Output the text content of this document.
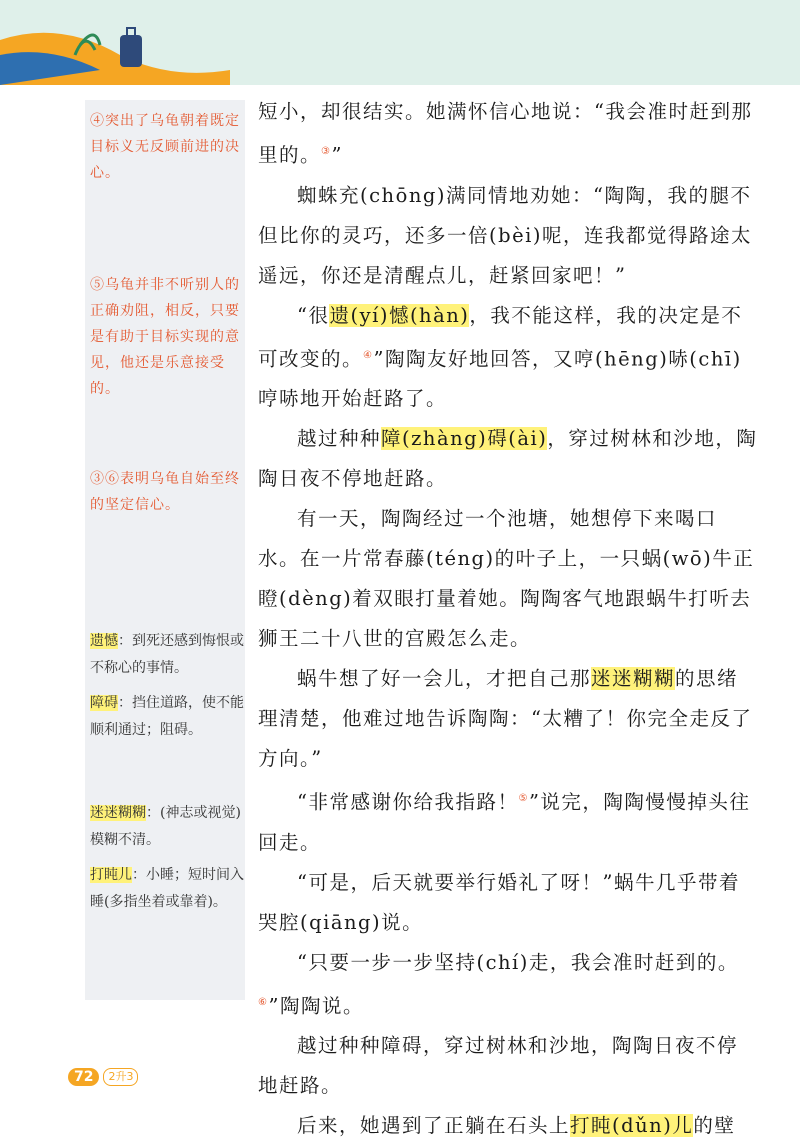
④突出了乌龟朝着既定目标义无反顾前进的决心。
⑤乌龟并非不听别人的正确劝阻，相反，只要是有助于目标实现的意见，他还是乐意接受的。
③⑥表明乌龟自始至终的坚定信心。
遗憾：到死还感到悔恨或不称心的事情。
障碍：挡住道路，使不能顺利通过；阻碍。
迷迷糊糊：(神志或视觉)模糊不清。
打盹儿：小睡；短时间入睡(多指坐着或靠着)。

短小，却很结实。她满怀信心地说：“我会准时赶到那里的。③”

蜘蛛充(chōng)满同情地劝她：“陶陶，我的腿不但比你的灵巧，还多一倍(bèi)呢，连我都觉得路途太遥远，你还是清醒点儿，赶紧回家吧！”

“很遗(yí)憾(hàn)，我不能这样，我的决定是不可改变的。④”陶陶友好地回答，又哼(hēng)哧(chī)哼哧地开始赶路了。

越过种种障(zhàng)碍(ài)，穿过树林和沙地，陶陶日夜不停地赶路。

有一天，陶陶经过一个池塘，她想停下来喝口水。在一片常春藤(téng)的叶子上，一只蜗(wō)牛正瞪(dèng)着双眼打量着她。陶陶客气地跟蜗牛打听去狮王二十八世的宫殿怎么走。

蜗牛想了好一会儿，才把自己那迷迷糊糊的思绪理清楚，他难过地告诉陶陶：“太糟了！你完全走反了方向。”

“非常感谢你给我指路！⑤”说完，陶陶慢慢掉头往回走。

“可是，后天就要举行婚礼了呀！”蜗牛几乎带着哭腔(qiāng)说。

“只要一步一步坚持(chí)走，我会准时赶到的。⑥”陶陶说。

越过种种障碍，穿过树林和沙地，陶陶日夜不停地赶路。

后来，她遇到了正躺在石头上打盹(dǔn)儿的壁

72	2升3
